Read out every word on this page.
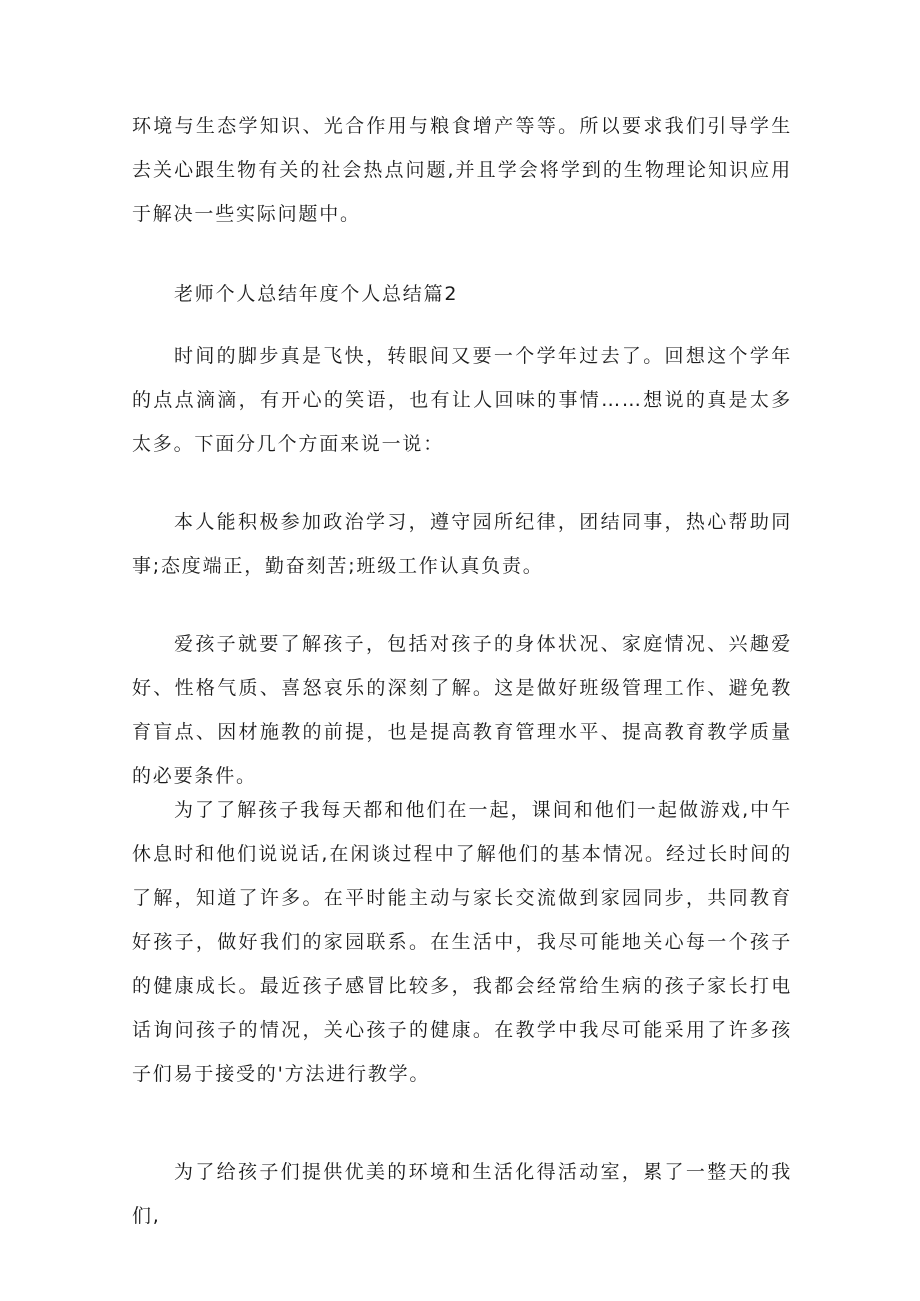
环境与生态学知识、光合作用与粮食增产等等。所以要求我们引导学生去关心跟生物有关的社会热点问题,并且学会将学到的生物理论知识应用于解决一些实际问题中。

老师个人总结年度个人总结篇2

时间的脚步真是飞快，转眼间又要一个学年过去了。回想这个学年的点点滴滴，有开心的笑语，也有让人回味的事情……想说的真是太多太多。下面分几个方面来说一说：

本人能积极参加政治学习，遵守园所纪律，团结同事，热心帮助同事;态度端正，勤奋刻苦;班级工作认真负责。

爱孩子就要了解孩子，包括对孩子的身体状况、家庭情况、兴趣爱好、性格气质、喜怒哀乐的深刻了解。这是做好班级管理工作、避免教育盲点、因材施教的前提，也是提高教育管理水平、提高教育教学质量的必要条件。

为了了解孩子我每天都和他们在一起，课间和他们一起做游戏,中午休息时和他们说说话,在闲谈过程中了解他们的基本情况。经过长时间的了解，知道了许多。在平时能主动与家长交流做到家园同步，共同教育好孩子，做好我们的家园联系。在生活中，我尽可能地关心每一个孩子的健康成长。最近孩子感冒比较多，我都会经常给生病的孩子家长打电话询问孩子的情况，关心孩子的健康。在教学中我尽可能采用了许多孩子们易于接受的'方法进行教学。

为了给孩子们提供优美的环境和生活化得活动室，累了一整天的我们,
